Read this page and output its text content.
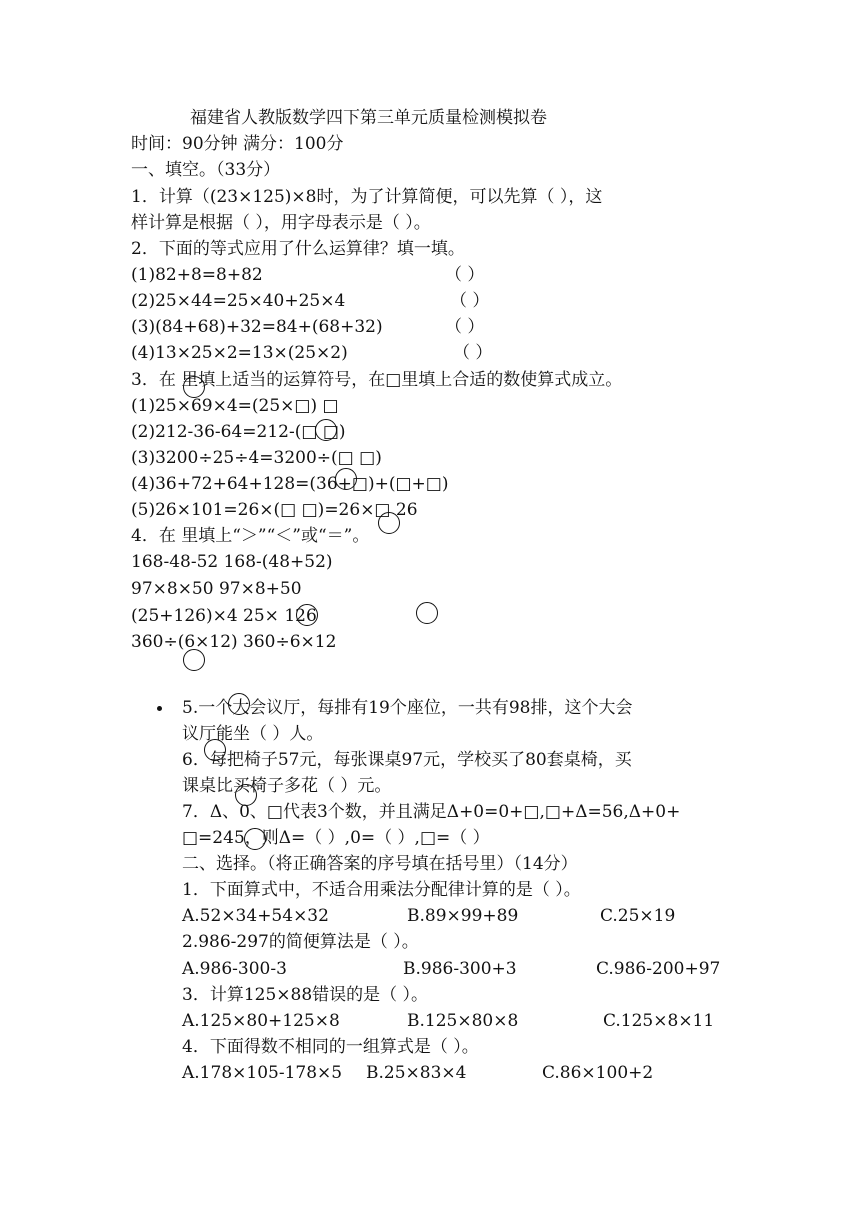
福建省人教版数学四下第三单元质量检测模拟卷
时间：90分钟 满分：100分
一、填空。（33分）
1．计算（(23×125)×8时，为了计算简便，可以先算（ ），这
样计算是根据（ ），用字母表示是（ ）。
2．下面的等式应用了什么运算律？填一填。
(1)82+8=8+82	（ ）
(2)25×44=25×40+25×4	（ ）
(3)(84+68)+32=84+(68+32)	（ ）
(4)13×25×2=13×(25×2)	（ ）
3．在 里填上适当的运算符号，在□里填上合适的数使算式成立。
(1)25×69×4=(25×□) □
(2)212-36-64=212-(□ □)
(3)3200÷25÷4=3200÷(□ □)
(4)36+72+64+128=(36+□)+(□+□)
(5)26×101=26×(□ □)=26×□ 26
4．在 里填上“＞”“＜”或“＝”。
168-48-52 168-(48+52)
97×8×50 97×8+50
(25+126)×4 25× 126
360÷(6×12) 360÷6×12
5.一个大会议厅，每排有19个座位，一共有98排，这个大会
议厅能坐（ ）人。
6．每把椅子57元，每张课桌97元，学校买了80套桌椅，买
课桌比买椅子多花（ ）元。
7．Δ、0、□代表3个数，并且满足Δ+0=0+□,□+Δ=56,Δ+0+
□=245，则Δ=（ ）,0=（ ）,□=（ ）
二、选择。（将正确答案的序号填在括号里）（14分）
1．下面算式中，不适合用乘法分配律计算的是（ ）。
A.52×34+54×32	B.89×99+89	C.25×19
2.986-297的简便算法是（ ）。
A.986-300-3	B.986-300+3	C.986-200+97
3．计算125×88错误的是（ ）。
A.125×80+125×8	B.125×80×8	C.125×8×11
4．下面得数不相同的一组算式是（ ）。
A.178×105-178×5 B.25×83×4	C.86×100+2
